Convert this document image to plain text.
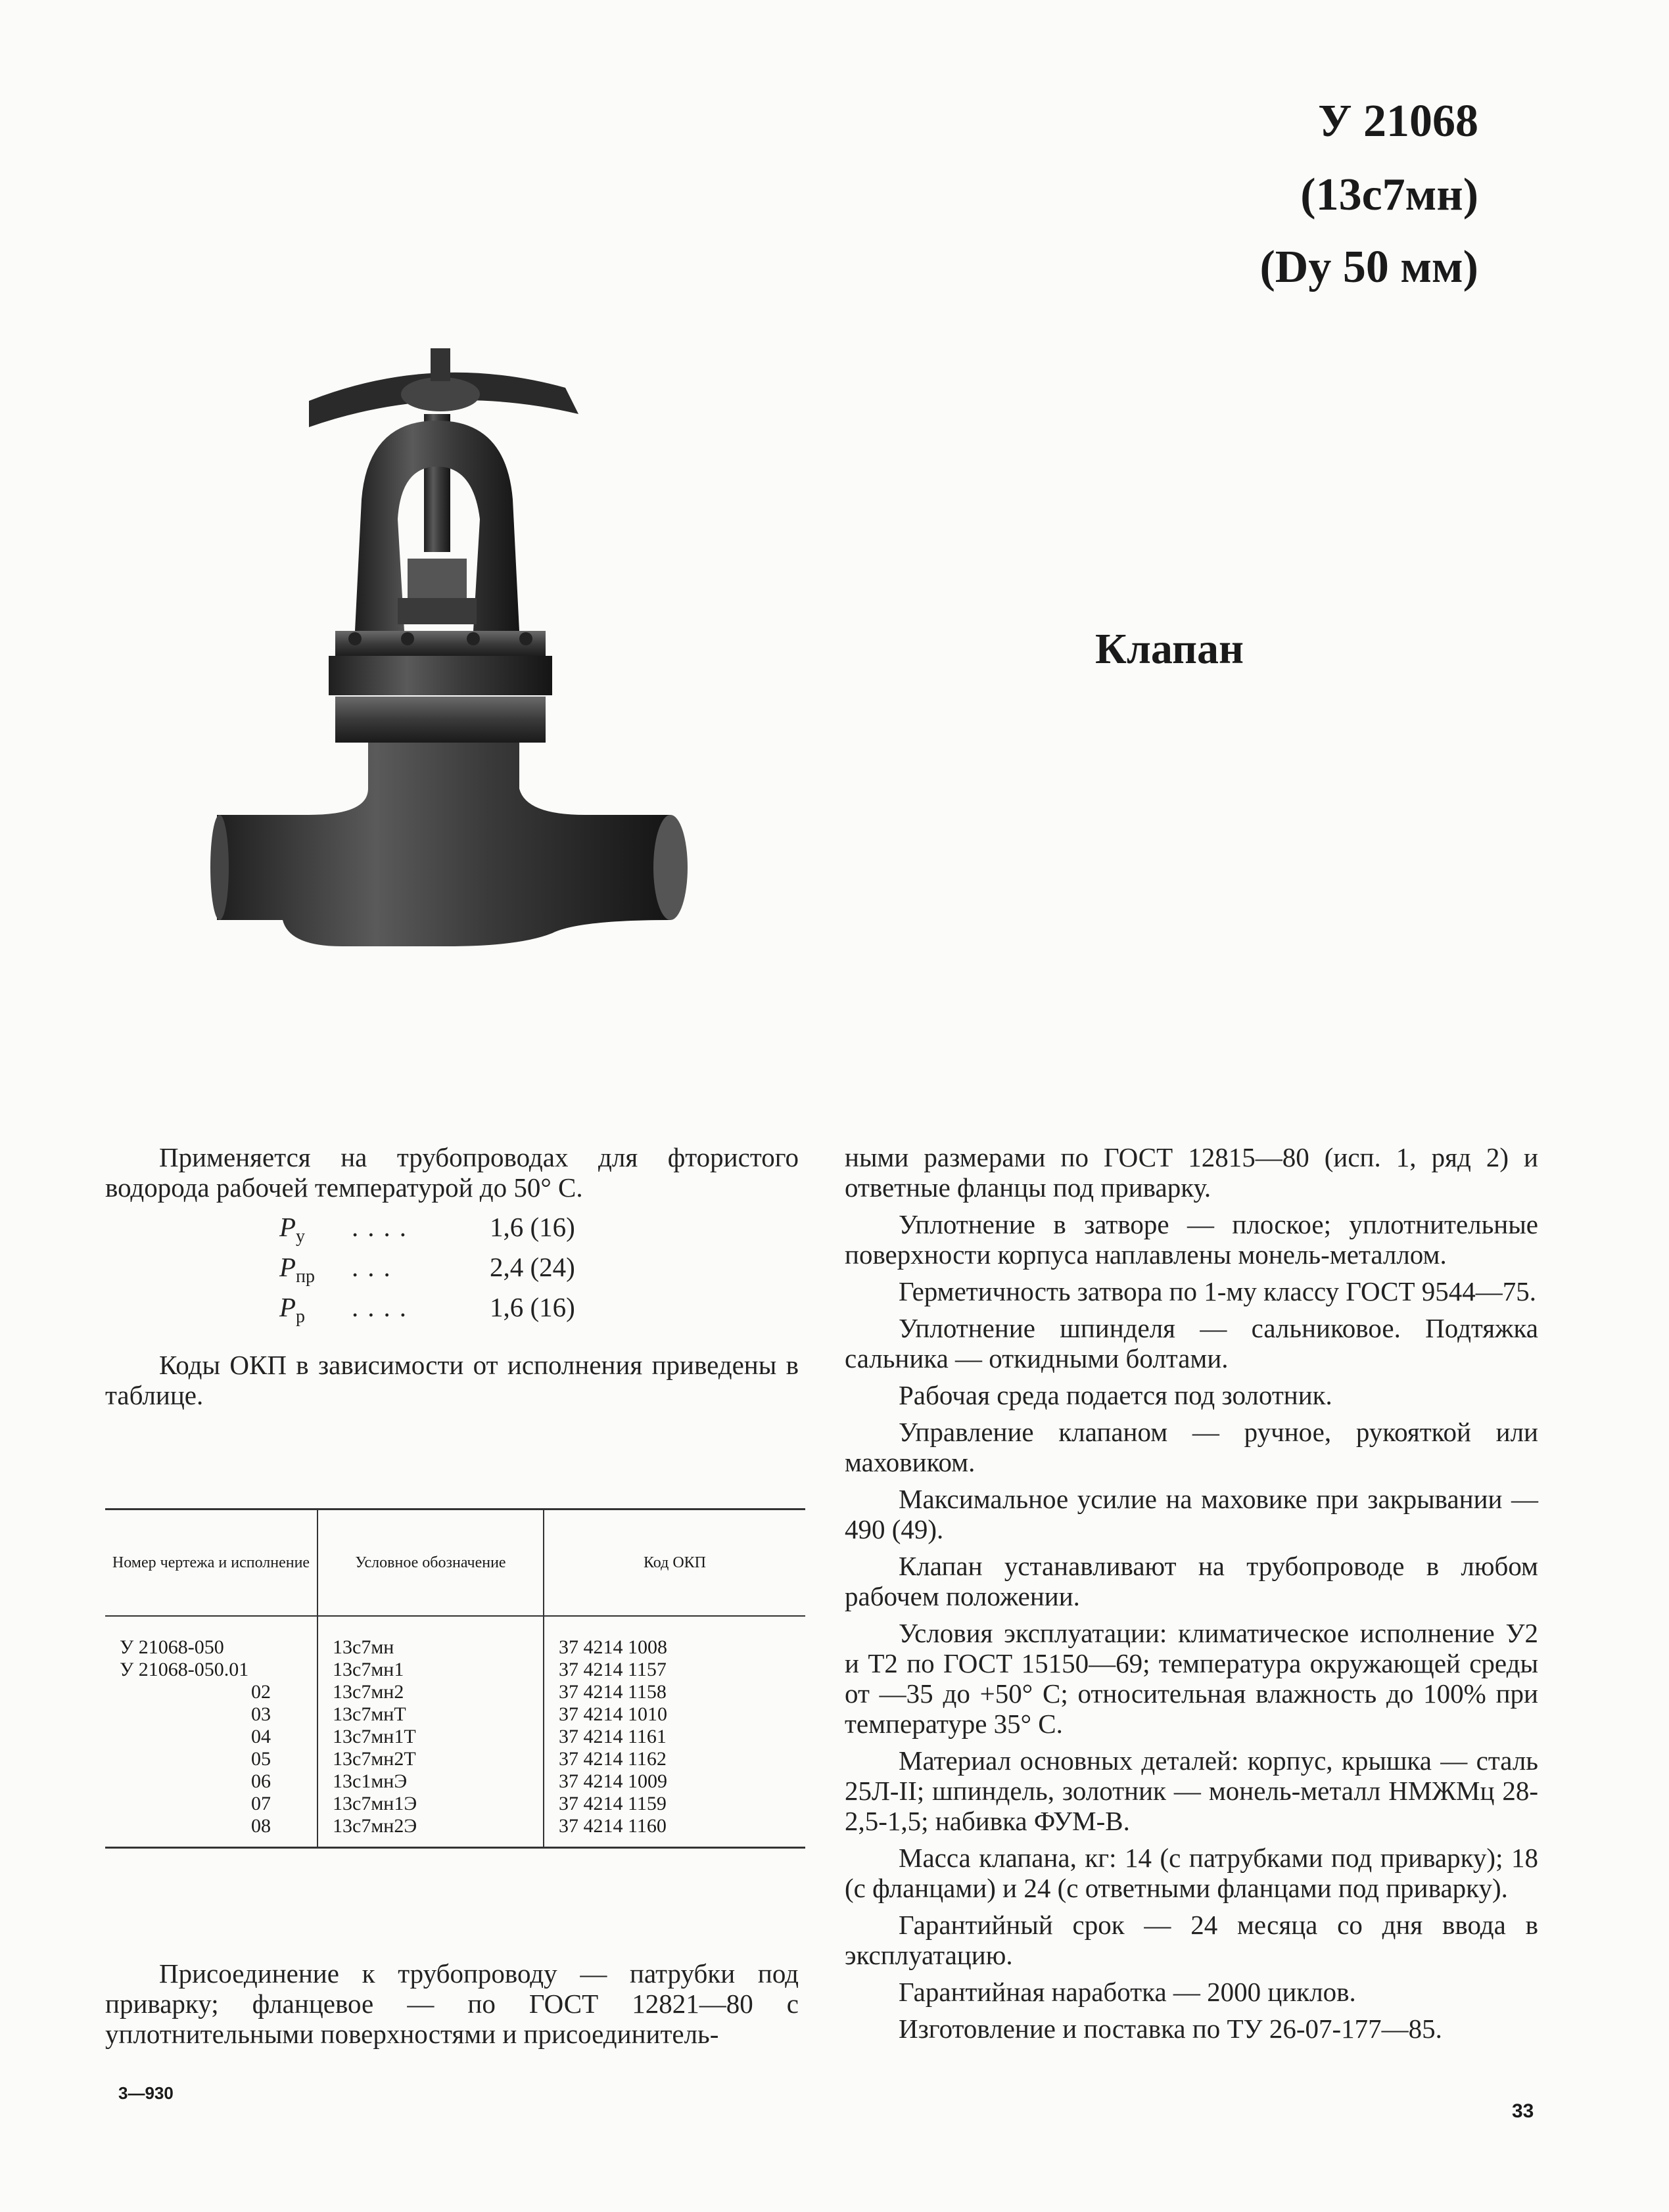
У 21068
(13с7мн)
(Dy 50 мм)
Клапан

Применяется на трубопроводах для фтористого водорода рабочей температурой до 50° С.

$P_у$	....	1,6 (16)
$P_{пр}$	...	2,4 (24)
$P_р$	....	1,6 (16)

Коды ОКП в зависимости от исполнения приведены в таблице.

Номер чертежа и исполнение	Условное обозначение	Код ОКП
У 21068-050	13с7мн	37 4214 1008
У 21068-050.01	13с7мн1	37 4214 1157
02	13с7мн2	37 4214 1158
03	13с7мнТ	37 4214 1010
04	13с7мн1Т	37 4214 1161
05	13с7мн2Т	37 4214 1162
06	13с1мнЭ	37 4214 1009
07	13с7мн1Э	37 4214 1159
08	13с7мн2Э	37 4214 1160

Присоединение к трубопроводу — патрубки под приварку; фланцевое — по ГОСТ 12821—80 с уплотнительными поверхностями и присоединитель-

ными размерами по ГОСТ 12815—80 (исп. 1, ряд 2) и ответные фланцы под приварку.

Уплотнение в затворе — плоское; уплотнительные поверхности корпуса наплавлены монель-металлом.

Герметичность затвора по 1-му классу ГОСТ 9544—75.

Уплотнение шпинделя — сальниковое. Подтяжка сальника — откидными болтами.

Рабочая среда подается под золотник.

Управление клапаном — ручное, рукояткой или маховиком.

Максимальное усилие на маховике при закрывании — 490 (49).

Клапан устанавливают на трубопроводе в любом рабочем положении.

Условия эксплуатации: климатическое исполнение У2 и Т2 по ГОСТ 15150—69; температура окружающей среды от —35 до +50° С; относительная влажность до 100% при температуре 35° С.

Материал основных деталей: корпус, крышка — сталь 25Л-II; шпиндель, золотник — монель-металл НМЖМц 28-2,5-1,5; набивка ФУМ-В.

Масса клапана, кг: 14 (с патрубками под приварку); 18 (с фланцами) и 24 (с ответными фланцами под приварку).

Гарантийный срок — 24 месяца со дня ввода в эксплуатацию.

Гарантийная наработка — 2000 циклов.

Изготовление и поставка по ТУ 26-07-177—85.

3—930
33
